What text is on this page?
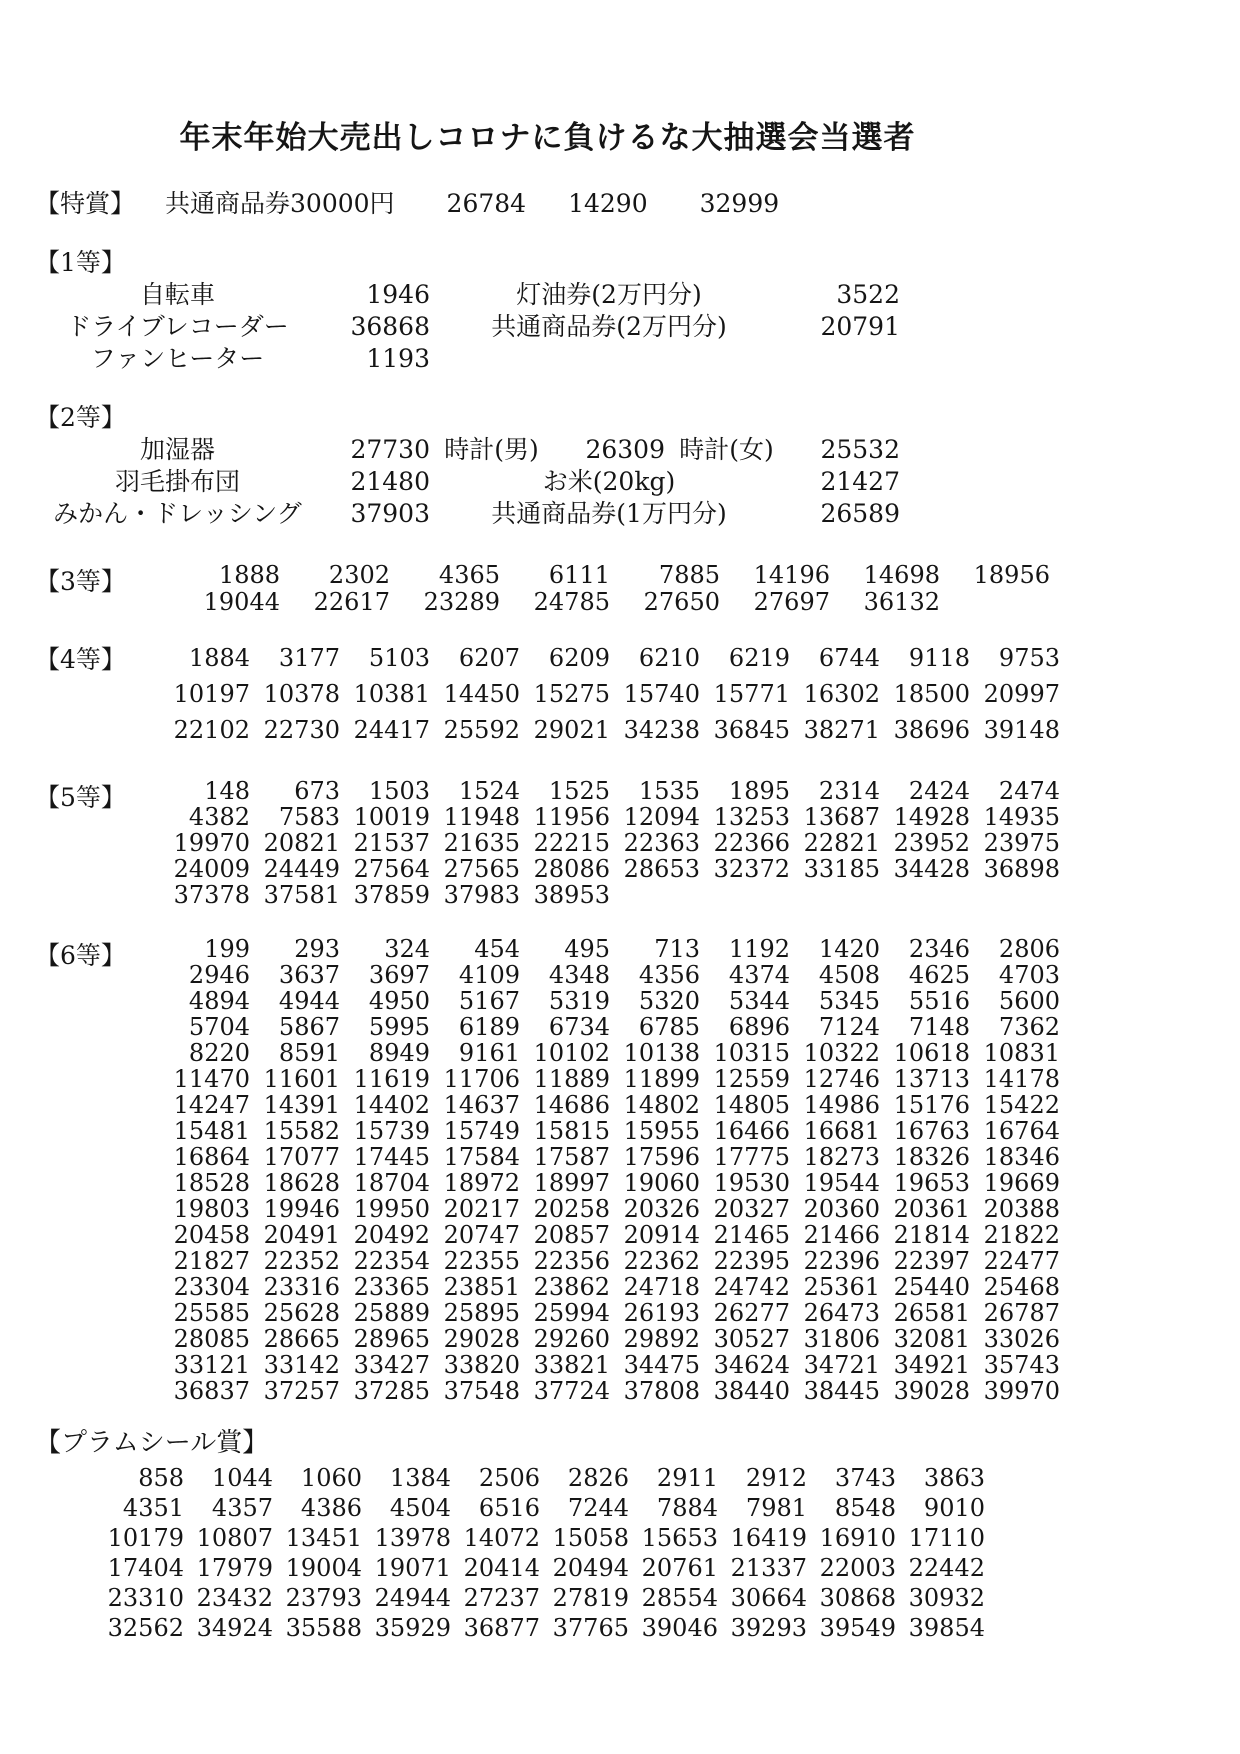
年末年始大売出しコロナに負けるな大抽選会当選者
【特賞】 共通商品券30000円	26784 14290 32999
【1等】
自転車	1946	灯油券(2万円分)	3522
ドライブレコーダー	36868	共通商品券(2万円分)	20791
ファンヒーター	1193
【2等】
加湿器	27730 時計(男)	26309 時計(女)	25532
羽毛掛布団	21480	お米(20kg)	21427
みかん・ドレッシング	37903	共通商品券(1万円分)	26589
【3等】	1888	2302	4365	6111	7885	14196	14698	18956
19044	22617	23289	24785	27650	27697	36132
【4等】	1884	3177	5103	6207	6209	6210	6219	6744	9118	9753
10197 10378 10381 14450 15275 15740 15771 16302 18500 20997
22102 22730 24417 25592 29021 34238 36845 38271 38696 39148
【5等】	148	673	1503	1524	1525	1535	1895	2314	2424	2474
4382	7583 10019 11948 11956 12094 13253 13687 14928 14935
19970 20821 21537 21635 22215 22363 22366 22821 23952 23975
24009 24449 27564 27565 28086 28653 32372 33185 34428 36898
37378 37581 37859 37983 38953
【6等】	199	293	324	454	495	713	1192	1420	2346	2806
2946	3637	3697	4109	4348	4356	4374	4508	4625	4703
4894	4944	4950	5167	5319	5320	5344	5345	5516	5600
5704	5867	5995	6189	6734	6785	6896	7124	7148	7362
8220	8591	8949	9161 10102 10138 10315 10322 10618 10831
11470 11601 11619 11706 11889 11899 12559 12746 13713 14178
14247 14391 14402 14637 14686 14802 14805 14986 15176 15422
15481 15582 15739 15749 15815 15955 16466 16681 16763 16764
16864 17077 17445 17584 17587 17596 17775 18273 18326 18346
18528 18628 18704 18972 18997 19060 19530 19544 19653 19669
19803 19946 19950 20217 20258 20326 20327 20360 20361 20388
20458 20491 20492 20747 20857 20914 21465 21466 21814 21822
21827 22352 22354 22355 22356 22362 22395 22396 22397 22477
23304 23316 23365 23851 23862 24718 24742 25361 25440 25468
25585 25628 25889 25895 25994 26193 26277 26473 26581 26787
28085 28665 28965 29028 29260 29892 30527 31806 32081 33026
33121 33142 33427 33820 33821 34475 34624 34721 34921 35743
36837 37257 37285 37548 37724 37808 38440 38445 39028 39970
【プラムシール賞】
858	1044	1060	1384	2506	2826	2911	2912	3743	3863
4351	4357	4386	4504	6516	7244	7884	7981	8548	9010
10179 10807 13451 13978 14072 15058 15653 16419 16910 17110
17404 17979 19004 19071 20414 20494 20761 21337 22003 22442
23310 23432 23793 24944 27237 27819 28554 30664 30868 30932
32562 34924 35588 35929 36877 37765 39046 39293 39549 39854
